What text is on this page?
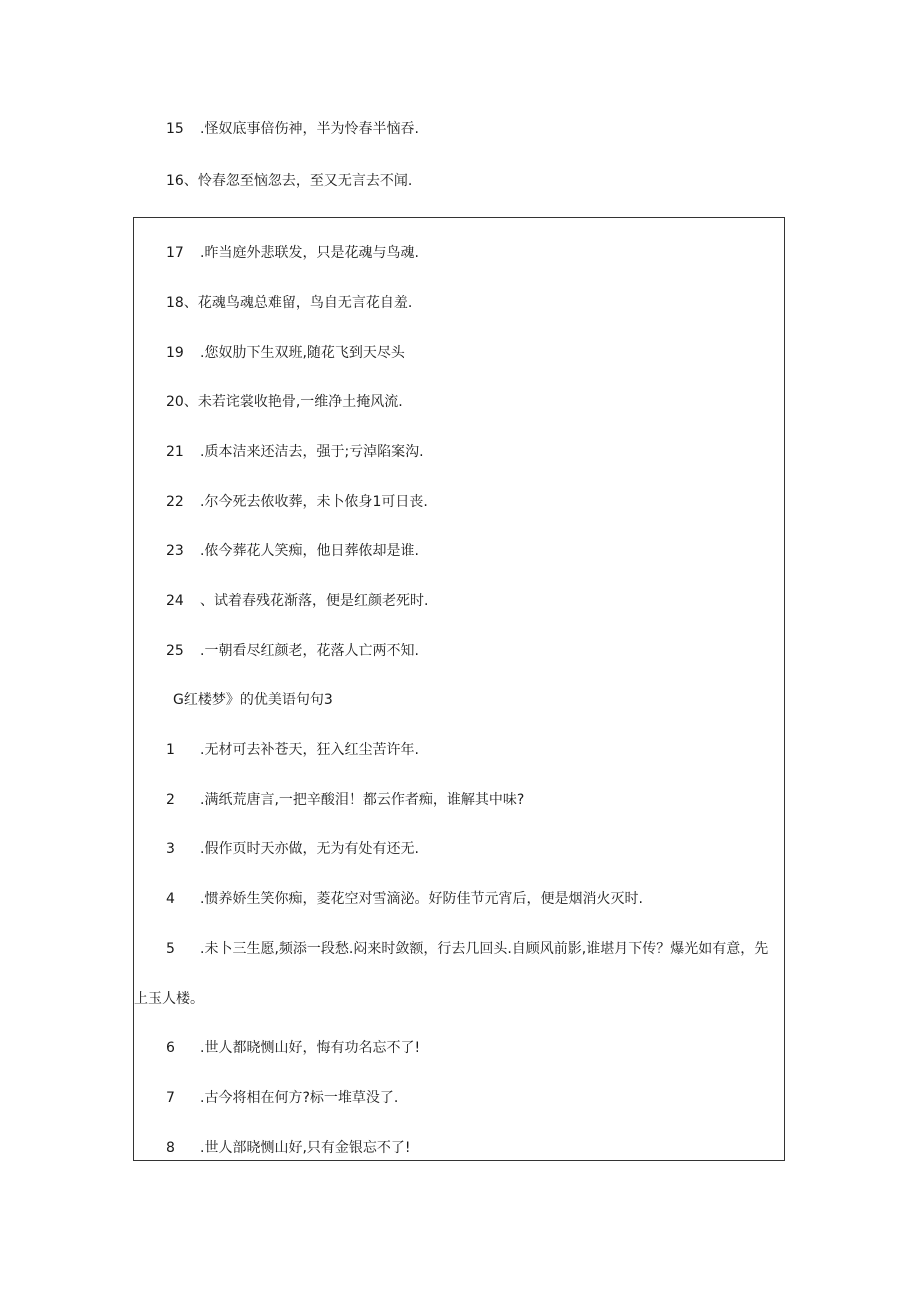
15 .怪奴底事倍伤神，半为怜春半恼吞.
16、怜春忽至恼忽去，至又无言去不闻.
17 .昨当庭外悲联发，只是花魂与鸟魂.
18、花魂鸟魂总难留，鸟自无言花自羞.
19 .您奴肋下生双班,随花飞到天尽头
20、未若诧裳收艳骨,一维净土掩风流.
21 .质本洁来还洁去，强于;亏淖陷案沟.
22 .尔今死去侬收葬，未卜侬身1可日丧.
23 .侬今葬花人笑痴，他日葬侬却是谁.
24 、试着春残花渐落，便是红颜老死时.
25 .一朝看尽红颜老，花落人亡两不知.
G红楼梦》的优美语句句3
1 .无材可去补苍天，狂入红尘苦许年.
2 .满纸荒唐言,一把辛酸泪！都云作者痴，谁解其中味?
3 .假作页时天亦做，无为有处有还无.
4 .惯养娇生笑你痴，菱花空对雪滴泌。好防佳节元宵后，便是烟消火灭时.
5 .未卜三生愿,频添一段愁.闷来时敛额，行去几回头.自顾风前影,谁堪月下传？爆光如有意，先
上玉人楼。
6 .世人都晓恻山好，悔有功名忘不了!
7 .古今将相在何方?标一堆草没了.
8 .世人部晓恻山好,只有金银忘不了!
